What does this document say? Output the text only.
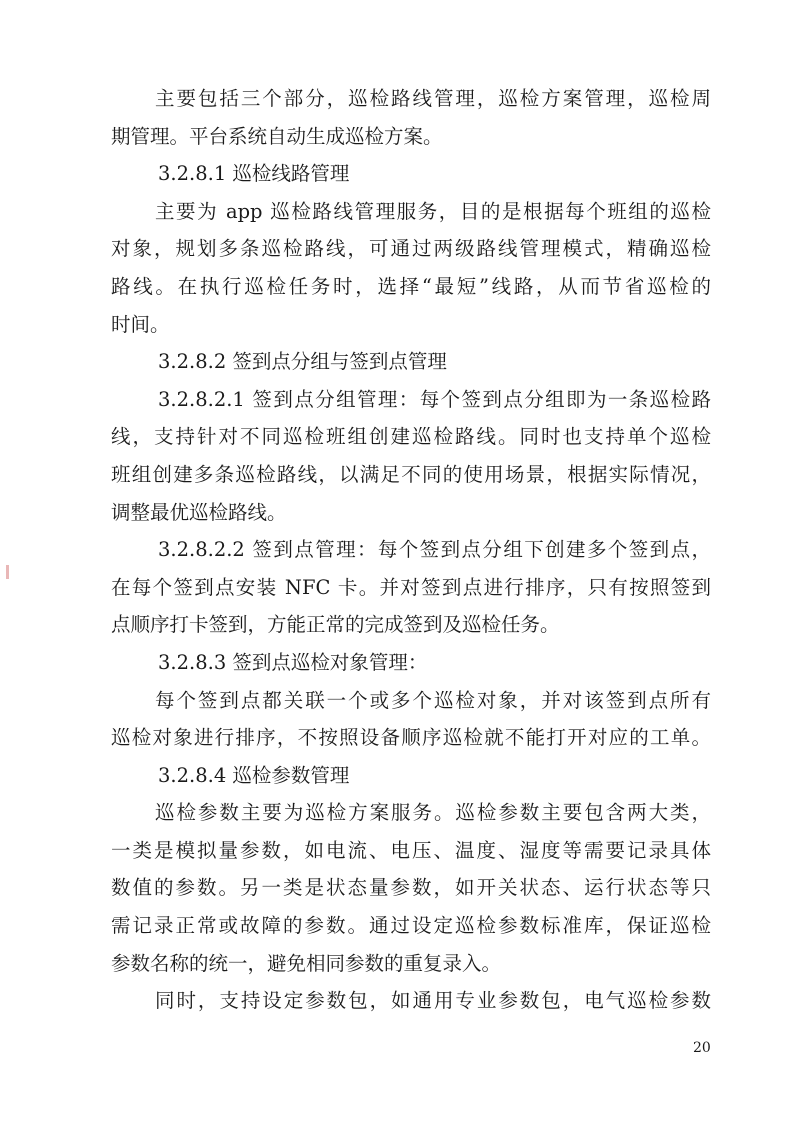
主要包括三个部分，巡检路线管理，巡检方案管理，巡检周
期管理。平台系统自动生成巡检方案。
3.2.8.1 巡检线路管理
主要为 app 巡检路线管理服务，目的是根据每个班组的巡检
对象，规划多条巡检路线，可通过两级路线管理模式，精确巡检
路线。在执行巡检任务时，选择“最短”线路，从而节省巡检的
时间。
3.2.8.2 签到点分组与签到点管理
3.2.8.2.1 签到点分组管理：每个签到点分组即为一条巡检路
线，支持针对不同巡检班组创建巡检路线。同时也支持单个巡检
班组创建多条巡检路线，以满足不同的使用场景，根据实际情况，
调整最优巡检路线。
3.2.8.2.2 签到点管理：每个签到点分组下创建多个签到点，
在每个签到点安装 NFC 卡。并对签到点进行排序，只有按照签到
点顺序打卡签到，方能正常的完成签到及巡检任务。
3.2.8.3 签到点巡检对象管理：
每个签到点都关联一个或多个巡检对象，并对该签到点所有
巡检对象进行排序，不按照设备顺序巡检就不能打开对应的工单。
3.2.8.4 巡检参数管理
巡检参数主要为巡检方案服务。巡检参数主要包含两大类，
一类是模拟量参数，如电流、电压、温度、湿度等需要记录具体
数值的参数。另一类是状态量参数，如开关状态、运行状态等只
需记录正常或故障的参数。通过设定巡检参数标准库，保证巡检
参数名称的统一，避免相同参数的重复录入。
同时，支持设定参数包，如通用专业参数包，电气巡检参数
20
